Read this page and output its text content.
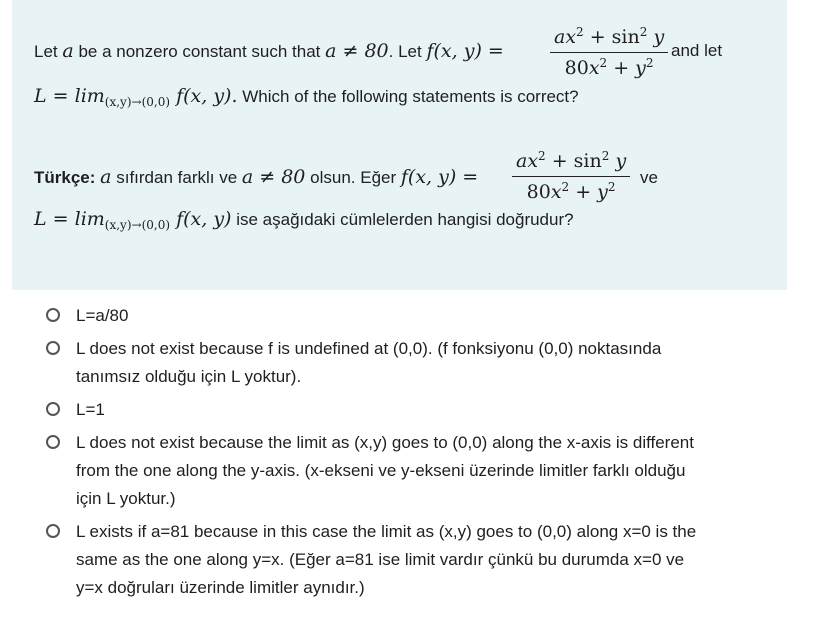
Let a be a nonzero constant such that a ≠ 80. Let f(x, $y) = \frac{ax^2 + \sin^2 y}{80x^2 + y^2}$ and let
$L = \lim_{(x,y)\to(0,0)} f(x$, y). Which of the following statements is correct?
Türkçe: a sıfırdan farklı ve a ≠ 80 olsun. Eğer f(x, $y) = \frac{ax^2 + \sin^2 y}{80x^2 + y^2}$ ve
$L = \lim_{(x,y)\to(0,0)} f(x$, y) ise aşağıdaki cümlelerden hangisi doğrudur?
L=a/80
L does not exist because f is undefined at (0,0). (f fonksiyonu (0,0) noktasında
tanımsız olduğu için L yoktur).
L=1
L does not exist because the limit as (x,y) goes to (0,0) along the x-axis is different
from the one along the y-axis. (x-ekseni ve y-ekseni üzerinde limitler farklı olduğu
için L yoktur.)
L exists if a=81 because in this case the limit as (x,y) goes to (0,0) along x=0 is the
same as the one along y=x. (Eğer a=81 ise limit vardır çünkü bu durumda x=0 ve
y=x doğruları üzerinde limitler aynıdır.)
